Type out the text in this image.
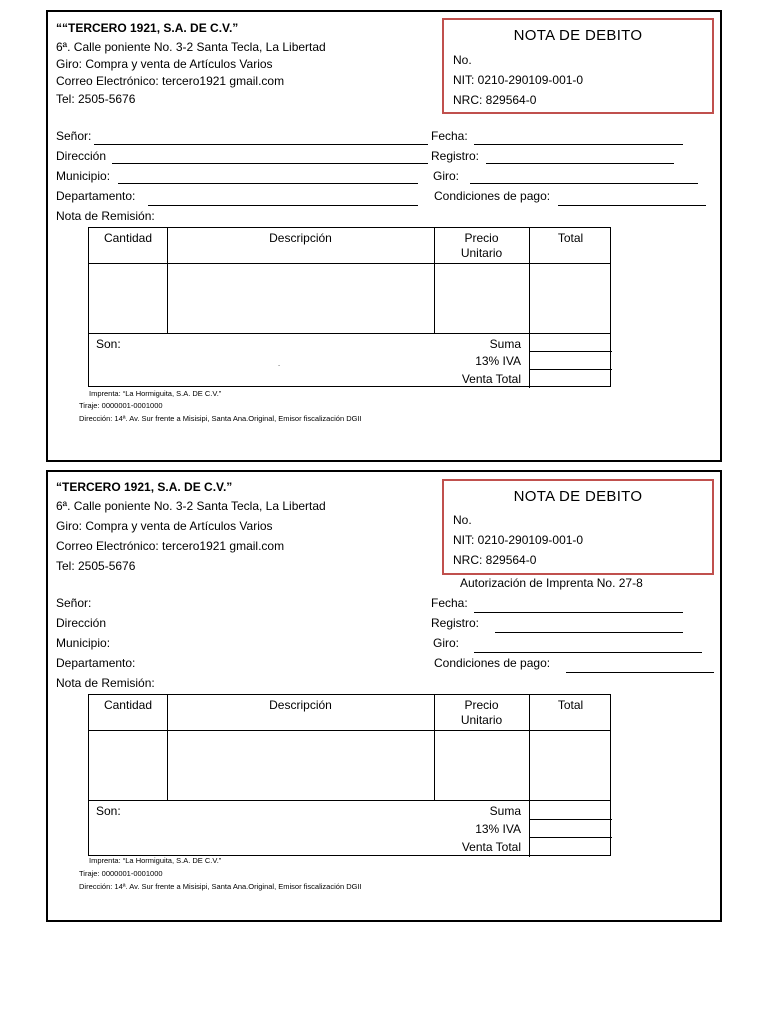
““TERCERO 1921, S.A. DE C.V.”
6ª. Calle poniente No. 3-2 Santa Tecla, La Libertad
Giro: Compra y venta de Artículos Varios
Correo Electrónico: tercero1921 gmail.com
Tel: 2505-5676
NOTA DE DEBITO
No.
NIT: 0210-290109-001-0
NRC: 829564-0
Señor:
Dirección
Municipio:
Departamento:
Nota de Remisión:
Fecha:
Registro:
Giro:
Condiciones de pago:
Cantidad	Descripción	Precio
Unitario
Total
Son:	Suma
13% IVA
Venta Total
.
Imprenta: “La Hormiguita, S.A. DE C.V.”
Tiraje: 0000001-0001000
Dirección: 14ª. Av. Sur frente a Misisipi, Santa Ana.Original, Emisor fiscalización DGII
“TERCERO 1921, S.A. DE C.V.”
6ª. Calle poniente No. 3-2 Santa Tecla, La Libertad
Giro: Compra y venta de Artículos Varios
Correo Electrónico: tercero1921 gmail.com
Tel: 2505-5676
NOTA DE DEBITO
No.
NIT: 0210-290109-001-0
NRC: 829564-0
Autorización de Imprenta No. 27-8
Señor:
Dirección
Municipio:
Departamento:
Nota de Remisión:
Fecha:
Registro:
Giro:
Condiciones de pago:
Cantidad	Descripción	Precio
Unitario
Total
Son:	Suma
13% IVA
Venta Total
Imprenta: “La Hormiguita, S.A. DE C.V.”
Tiraje: 0000001-0001000
Dirección: 14ª. Av. Sur frente a Misisipi, Santa Ana.Original, Emisor fiscalización DGII
